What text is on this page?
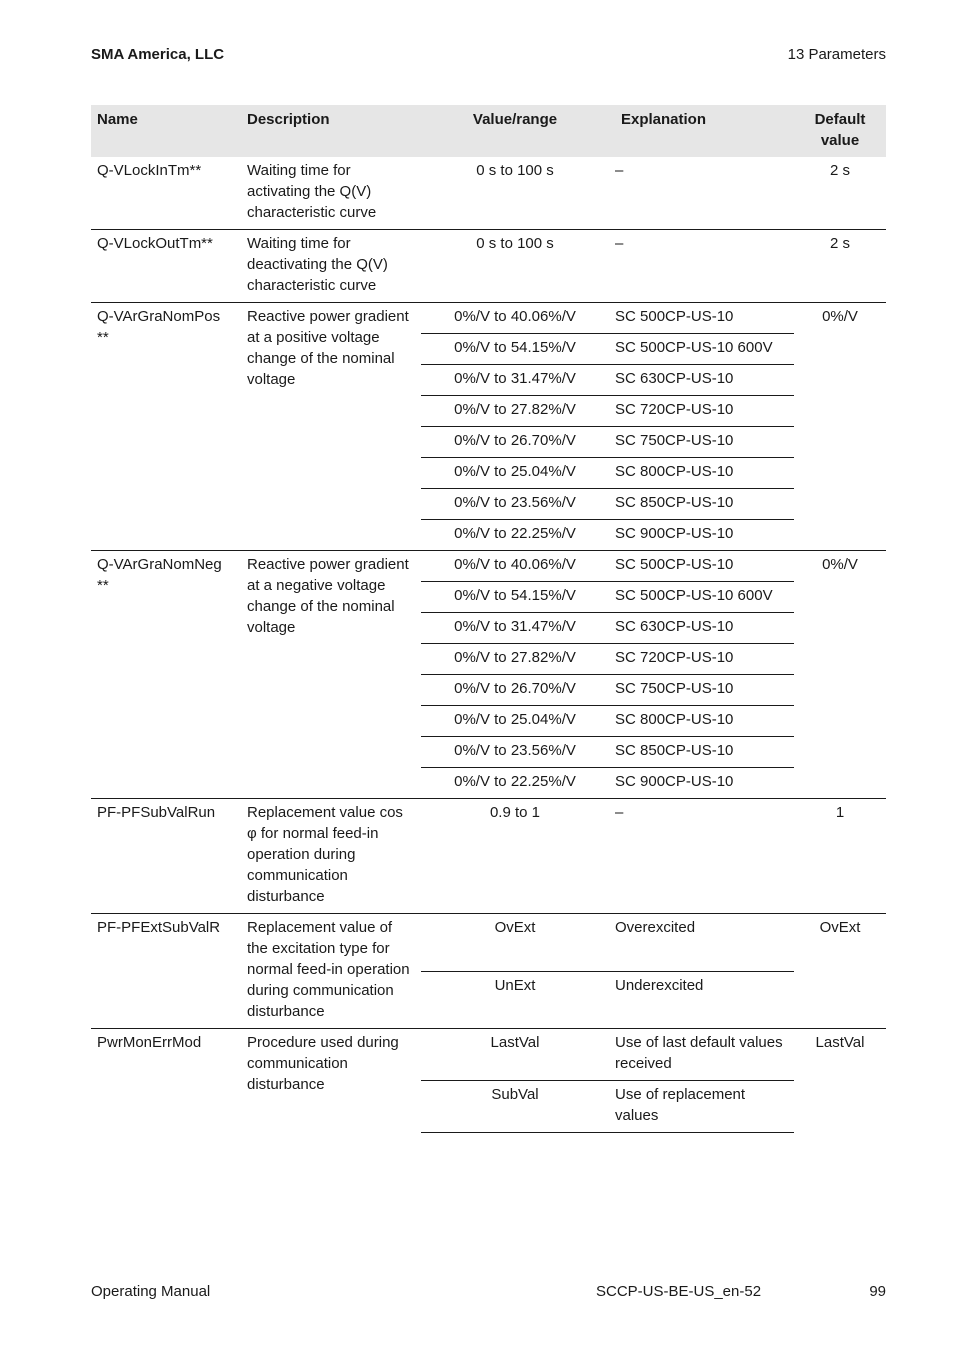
SMA America, LLC	13 Parameters
Name	Description	Value/range	Explanation	Default value
Q-VLockInTm**	Waiting time for activating the Q(V) characteristic curve	0 s to 100 s	–	2 s
Q-VLockOutTm**	Waiting time for deactivating the Q(V) characteristic curve	0 s to 100 s	–	2 s
Q-VArGraNomPos **	Reactive power gradient at a positive voltage change of the nominal voltage	0%/V to 40.06%/V	SC 500CP-US-10	0%/V
		0%/V to 54.15%/V	SC 500CP-US-10 600V	
		0%/V to 31.47%/V	SC 630CP-US-10	
		0%/V to 27.82%/V	SC 720CP-US-10	
		0%/V to 26.70%/V	SC 750CP-US-10	
		0%/V to 25.04%/V	SC 800CP-US-10	
		0%/V to 23.56%/V	SC 850CP-US-10	
		0%/V to 22.25%/V	SC 900CP-US-10	
Q-VArGraNomNeg **	Reactive power gradient at a negative voltage change of the nominal voltage	0%/V to 40.06%/V	SC 500CP-US-10	0%/V
		0%/V to 54.15%/V	SC 500CP-US-10 600V	
		0%/V to 31.47%/V	SC 630CP-US-10	
		0%/V to 27.82%/V	SC 720CP-US-10	
		0%/V to 26.70%/V	SC 750CP-US-10	
		0%/V to 25.04%/V	SC 800CP-US-10	
		0%/V to 23.56%/V	SC 850CP-US-10	
		0%/V to 22.25%/V	SC 900CP-US-10	
PF-PFSubValRun	Replacement value cos φ for normal feed-in operation during communication disturbance	0.9 to 1	–	1
PF-PFExtSubValR	Replacement value of the excitation type for normal feed-in operation during communication disturbance	OvExt	Overexcited	OvExt
		UnExt	Underexcited	
PwrMonErrMod	Procedure used during communication disturbance	LastVal	Use of last default values received	LastVal
		SubVal	Use of replacement values	
Operating Manual	SCCP-US-BE-US_en-52	99
